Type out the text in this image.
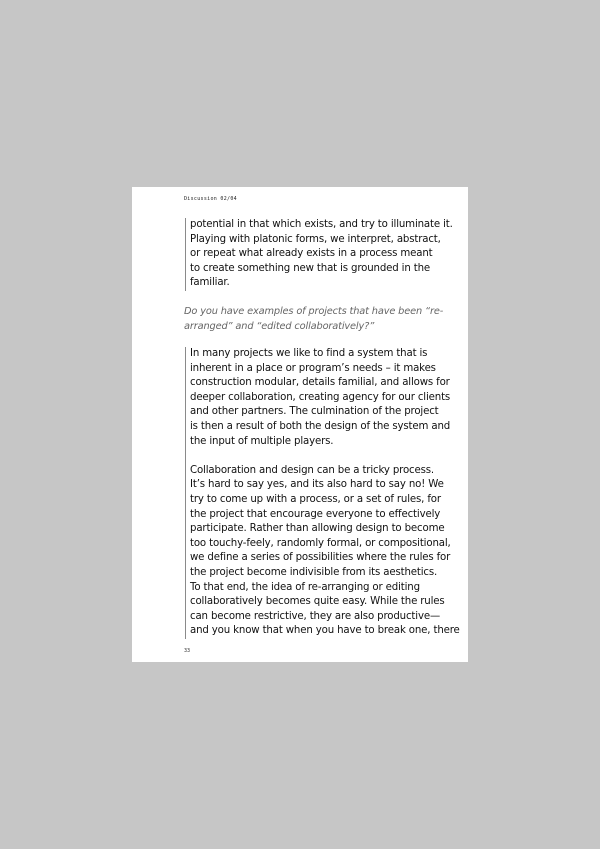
Discussion 02/04

potential in that which exists, and try to illuminate it.
Playing with platonic forms, we interpret, abstract,
or repeat what already exists in a process meant
to create something new that is grounded in the
familiar.

Do you have examples of projects that have been “re-
arranged” and “edited collaboratively?”

In many projects we like to find a system that is
inherent in a place or program’s needs – it makes
construction modular, details familial, and allows for
deeper collaboration, creating agency for our clients
and other partners. The culmination of the project
is then a result of both the design of the system and
the input of multiple players.

Collaboration and design can be a tricky process.
It’s hard to say yes, and its also hard to say no! We
try to come up with a process, or a set of rules, for
the project that encourage everyone to effectively
participate. Rather than allowing design to become
too touchy-feely, randomly formal, or compositional,
we define a series of possibilities where the rules for
the project become indivisible from its aesthetics.
To that end, the idea of re-arranging or editing
collaboratively becomes quite easy. While the rules
can become restrictive, they are also productive—
and you know that when you have to break one, there

33
